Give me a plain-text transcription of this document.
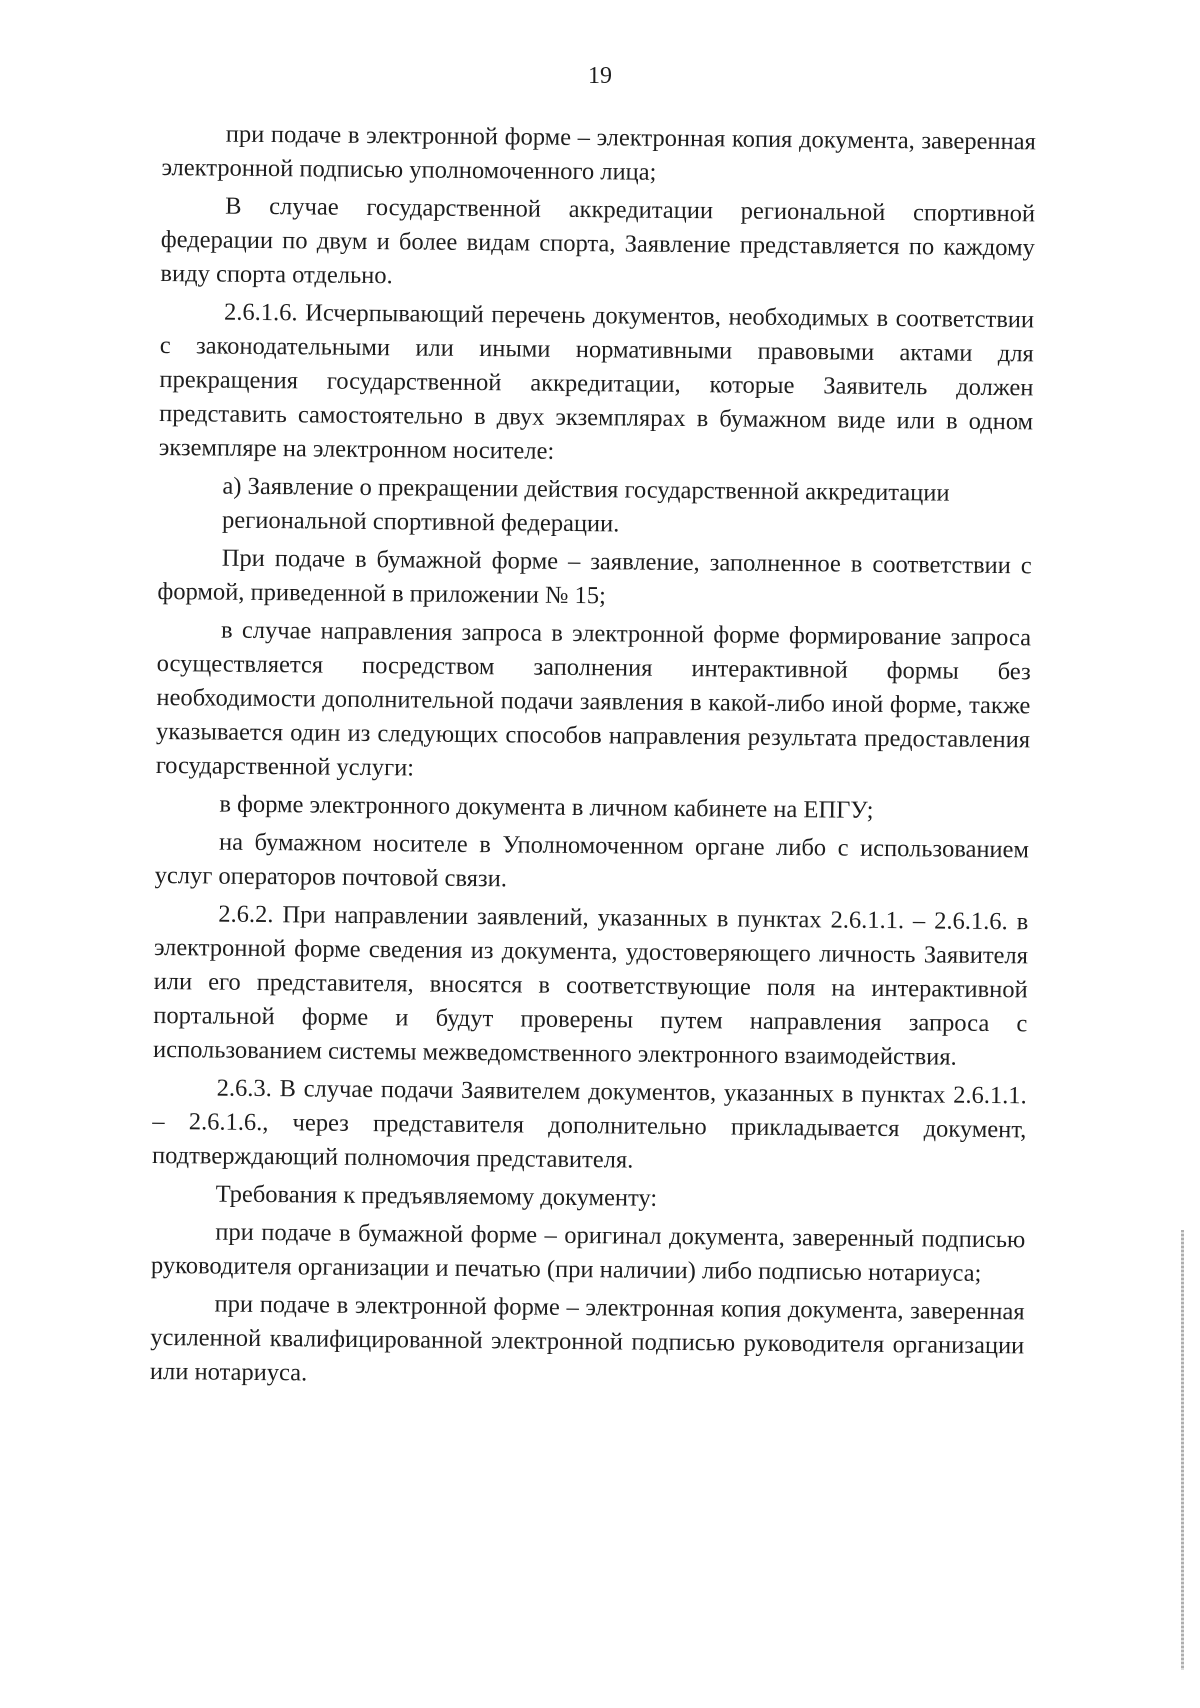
19

при подаче в электронной форме – электронная копия документа, заверенная электронной подписью уполномоченного лица;

В случае государственной аккредитации региональной спортивной федерации по двум и более видам спорта, Заявление представляется по каждому виду спорта отдельно.

2.6.1.6. Исчерпывающий перечень документов, необходимых в соответствии с законодательными или иными нормативными правовыми актами для прекращения государственной аккредитации, которые Заявитель должен представить самостоятельно в двух экземплярах в бумажном виде или в одном экземпляре на электронном носителе:

а) Заявление о прекращении действия государственной аккредитации

региональной спортивной федерации.

При подаче в бумажной форме – заявление, заполненное в соответствии с формой, приведенной в приложении № 15;

в случае направления запроса в электронной форме формирование запроса осуществляется посредством заполнения интерактивной формы без необходимости дополнительной подачи заявления в какой-либо иной форме, также указывается один из следующих способов направления результата предоставления государственной услуги:

в форме электронного документа в личном кабинете на ЕПГУ;

на бумажном носителе в Уполномоченном органе либо с использованием услуг операторов почтовой связи.

2.6.2. При направлении заявлений, указанных в пунктах 2.6.1.1. – 2.6.1.6. в электронной форме сведения из документа, удостоверяющего личность Заявителя или его представителя, вносятся в соответствующие поля на интерактивной портальной форме и будут проверены путем направления запроса с использованием системы межведомственного электронного взаимодействия.

2.6.3. В случае подачи Заявителем документов, указанных в пунктах 2.6.1.1. – 2.6.1.6., через представителя дополнительно прикладывается документ, подтверждающий полномочия представителя.

Требования к предъявляемому документу:

при подаче в бумажной форме – оригинал документа, заверенный подписью руководителя организации и печатью (при наличии) либо подписью нотариуса;

при подаче в электронной форме – электронная копия документа, заверенная усиленной квалифицированной электронной подписью руководителя организации или нотариуса.
